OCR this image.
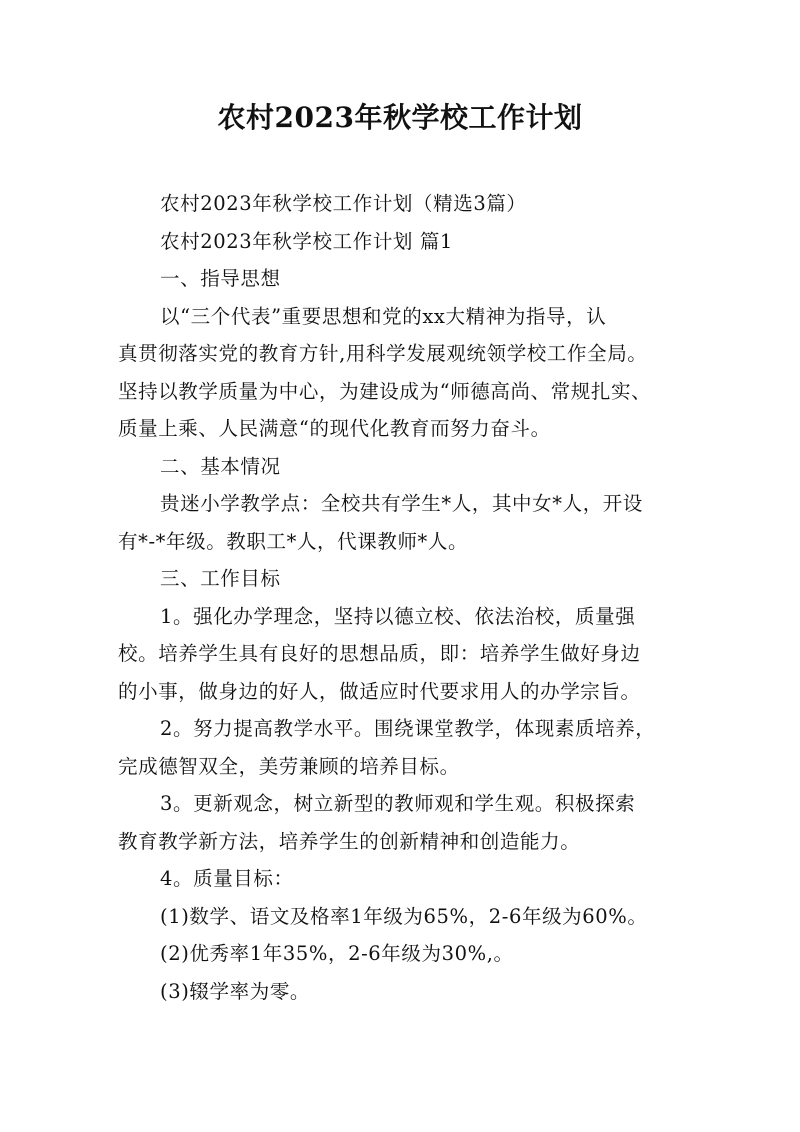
农村2023年秋学校工作计划
农村2023年秋学校工作计划（精选3篇）
农村2023年秋学校工作计划 篇1
一、指导思想
以“三个代表”重要思想和党的xx大精神为指导，认
真贯彻落实党的教育方针,用科学发展观统领学校工作全局。
坚持以教学质量为中心，为建设成为“师德高尚、常规扎实、
质量上乘、人民满意“的现代化教育而努力奋斗。
二、基本情况
贵迷小学教学点：全校共有学生*人，其中女*人，开设
有*-*年级。教职工*人，代课教师*人。
三、工作目标
1。强化办学理念，坚持以德立校、依法治校，质量强
校。培养学生具有良好的思想品质，即：培养学生做好身边
的小事，做身边的好人，做适应时代要求用人的办学宗旨。
2。努力提高教学水平。围绕课堂教学，体现素质培养，
完成德智双全，美劳兼顾的培养目标。
3。更新观念，树立新型的教师观和学生观。积极探索
教育教学新方法，培养学生的创新精神和创造能力。
4。质量目标：
(1)数学、语文及格率1年级为65%，2-6年级为60%。
(2)优秀率1年35%，2-6年级为30%,。
(3)辍学率为零。
